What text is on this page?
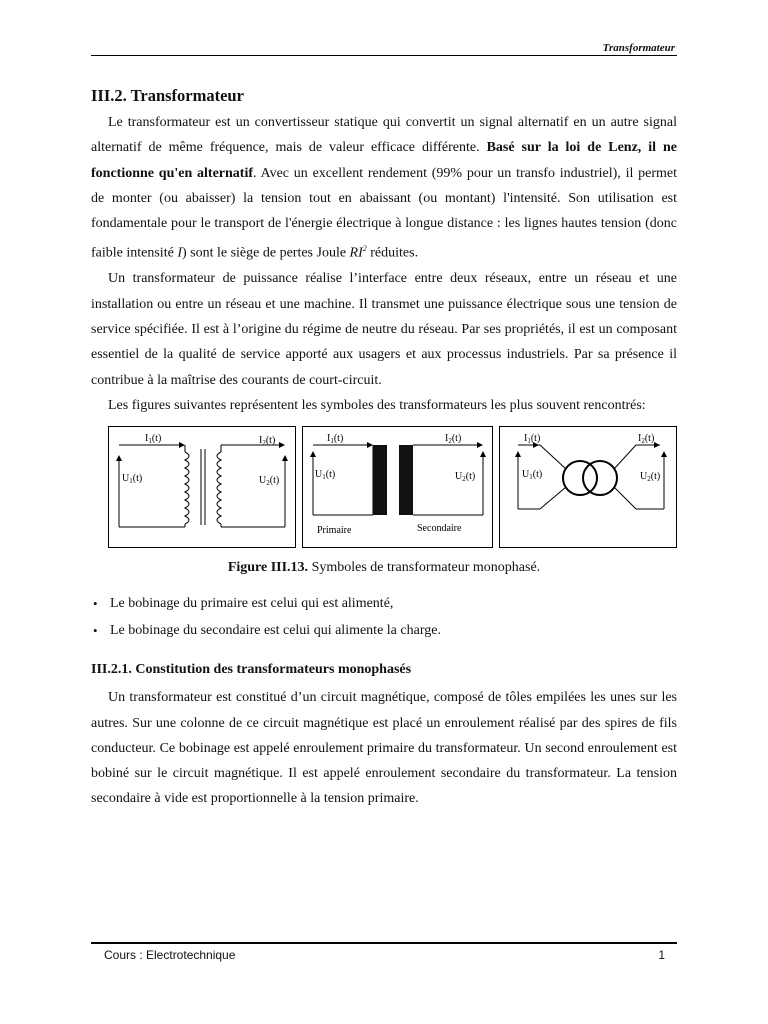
Transformateur
III.2. Transformateur

Le transformateur est un convertisseur statique qui convertit un signal alternatif en un autre signal alternatif de même fréquence, mais de valeur efficace différente. Basé sur la loi de Lenz, il ne fonctionne qu'en alternatif. Avec un excellent rendement (99% pour un transfo industriel), il permet de monter (ou abaisser) la tension tout en abaissant (ou montant) l'intensité. Son utilisation est fondamentale pour le transport de l'énergie électrique à longue distance : les lignes hautes tension (donc faible intensité I) sont le siège de pertes Joule $RI^2$ réduites.

Un transformateur de puissance réalise l’interface entre deux réseaux, entre un réseau et une installation ou entre un réseau et une machine. Il transmet une puissance électrique sous une tension de service spécifiée. Il est à l’origine du régime de neutre du réseau. Par ses propriétés, il est un composant essentiel de la qualité de service apporté aux usagers et aux processus industriels. Par sa présence il contribue à la maîtrise des courants de court-circuit.

Les figures suivantes représentent les symboles des transformateurs les plus souvent rencontrés:

$I_1(t)$	$I_2(t)$
$U_1(t)$	$U_2(t)$
$I_1(t)$	$I_2(t)$
$U_1(t)$	$U_2(t)$
Primaire	Secondaire
$I_1(t)$	$I_2(t)$
$U_1(t)$	$U_2(t)$
Figure III.13. Symboles de transformateur monophasé.
• Le bobinage du primaire est celui qui est alimenté,
• Le bobinage du secondaire est celui qui alimente la charge.
III.2.1. Constitution des transformateurs monophasés

Un transformateur est constitué d’un circuit magnétique, composé de tôles empilées les unes sur les autres. Sur une colonne de ce circuit magnétique est placé un enroulement réalisé par des spires de fils conducteur. Ce bobinage est appelé enroulement primaire du transformateur. Un second enroulement est bobiné sur le circuit magnétique. Il est appelé enroulement secondaire du transformateur. La tension secondaire à vide est proportionnelle à la tension primaire.

Cours : Electrotechnique	1
